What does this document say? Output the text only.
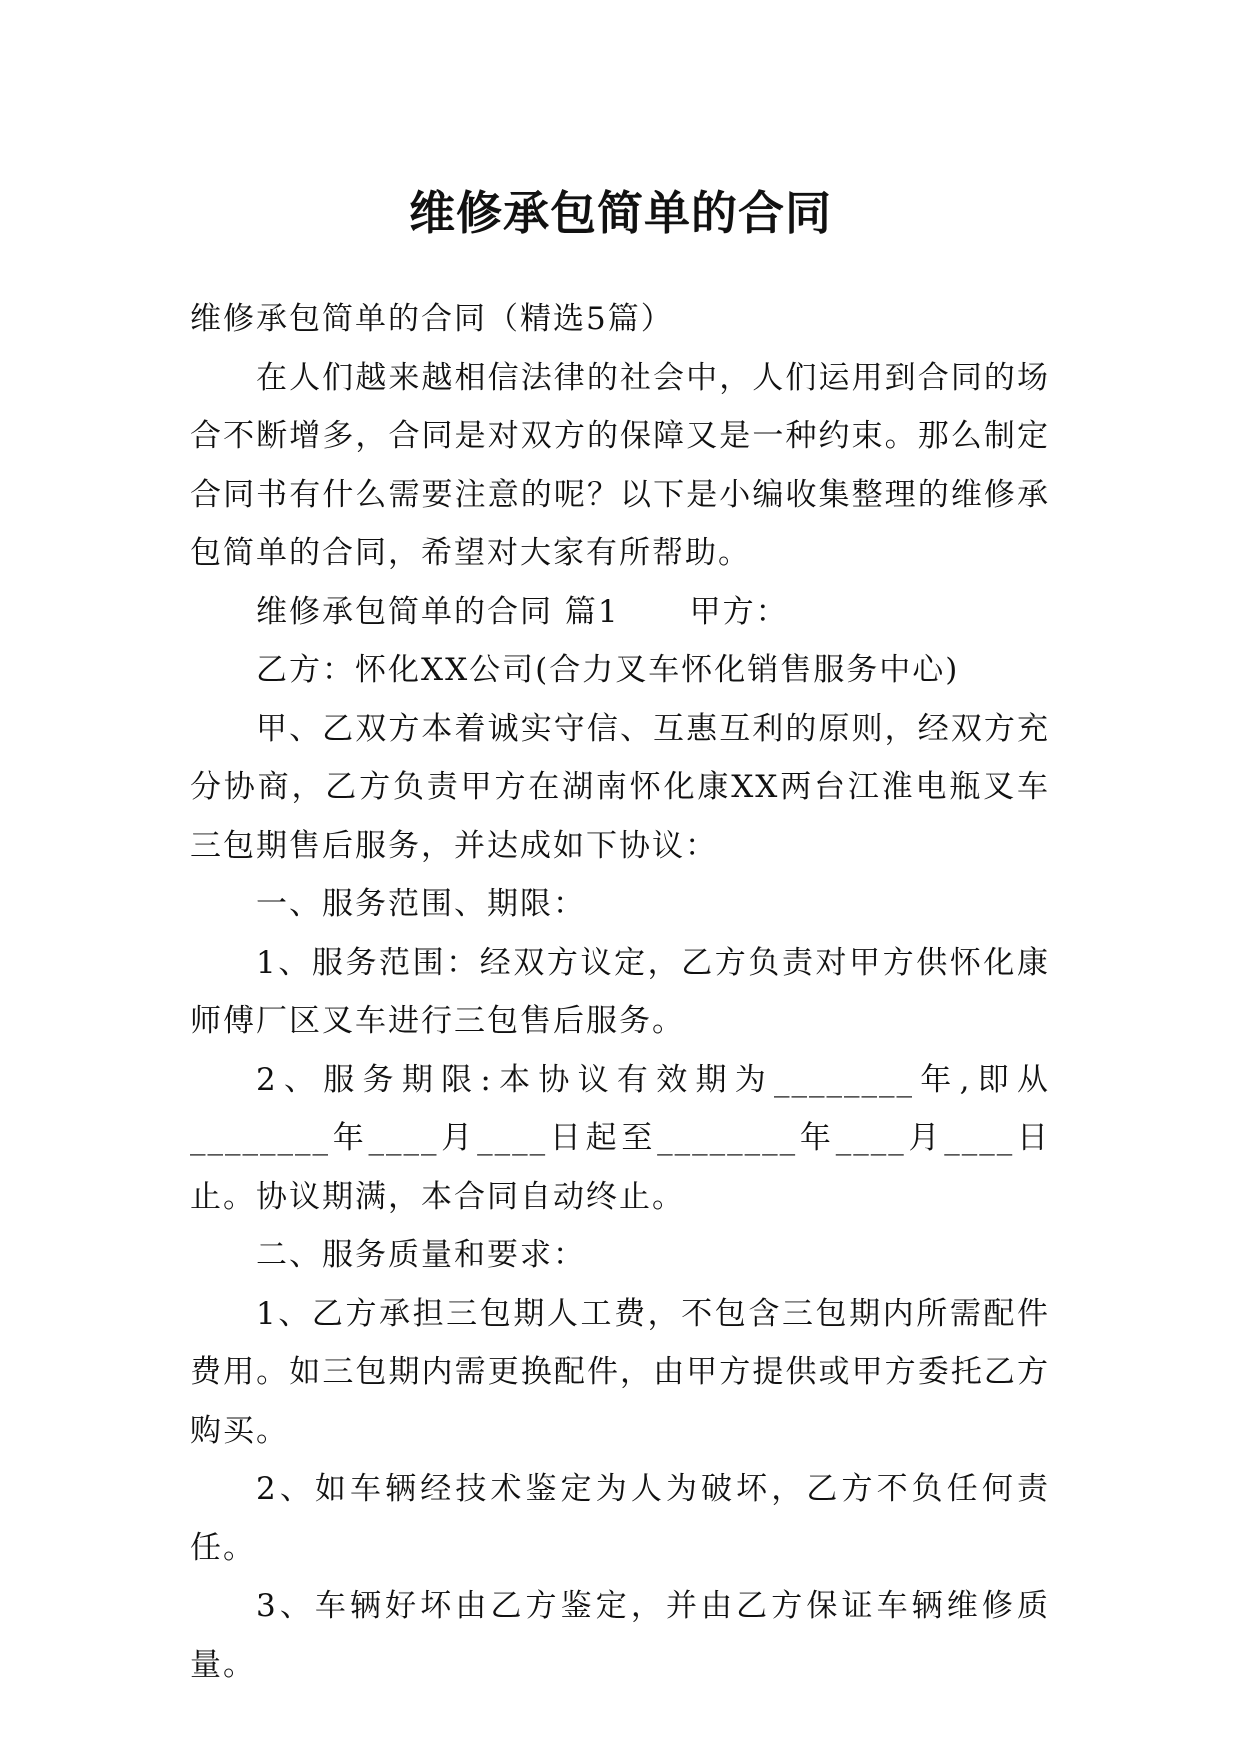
维修承包简单的合同

维修承包简单的合同（精选5篇）

在人们越来越相信法律的社会中，人们运用到合同的场合不断增多，合同是对双方的保障又是一种约束。那么制定合同书有什么需要注意的呢？以下是小编收集整理的维修承包简单的合同，希望对大家有所帮助。

维修承包简单的合同 篇1 甲方：

乙方：怀化XX公司(合力叉车怀化销售服务中心)

甲、乙双方本着诚实守信、互惠互利的原则，经双方充分协商，乙方负责甲方在湖南怀化康XX两台江淮电瓶叉车三包期售后服务，并达成如下协议：

一、服务范围、期限：

1、服务范围：经双方议定，乙方负责对甲方供怀化康师傅厂区叉车进行三包售后服务。

2、服务期限:本协议有效期为________年,即从________年____月____日起至________年____月____日止。协议期满，本合同自动终止。

二、服务质量和要求：

1、乙方承担三包期人工费，不包含三包期内所需配件费用。如三包期内需更换配件，由甲方提供或甲方委托乙方购买。

2、如车辆经技术鉴定为人为破坏，乙方不负任何责任。

3、车辆好坏由乙方鉴定，并由乙方保证车辆维修质量。
